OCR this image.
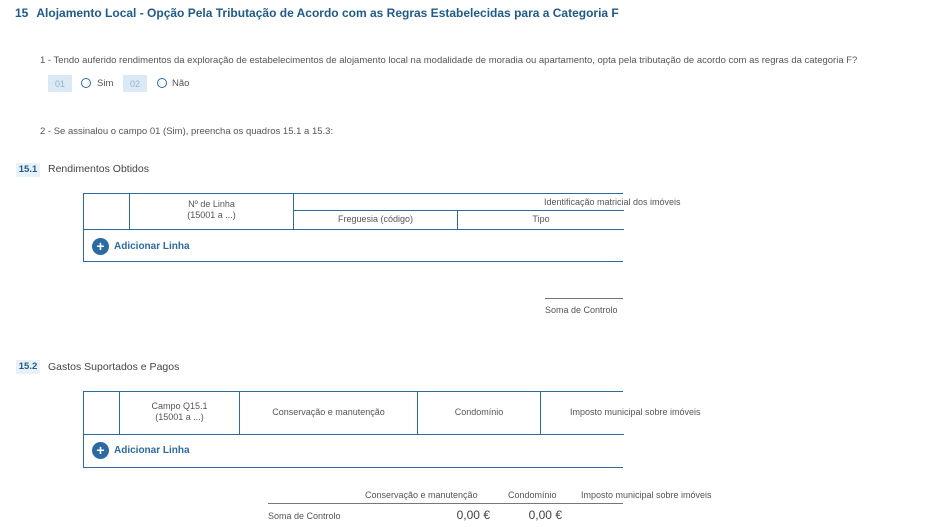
15 Alojamento Local - Opção Pela Tributação de Acordo com as Regras Estabelecidas para a Categoria F
1 - Tendo auferido rendimentos da exploração de estabelecimentos de alojamento local na modalidade de moradia ou apartamento, opta pela tributação de acordo com as regras da categoria F?
01	Sim	02	Não
2 - Se assinalou o campo 01 (Sim), preencha os quadros 15.1 a 15.3:
15.1 Rendimentos Obtidos
Nº de Linha
(15001 a ...)
Identificação matricial dos imóveis
Freguesia (código)	Tipo
+ Adicionar Linha
Soma de Controlo
15.2 Gastos Suportados e Pagos
Campo Q15.1
(15001 a ...)	Conservação e manutenção	Condomínio	Imposto municipal sobre imóveis
+ Adicionar Linha
Conservação e manutenção	Condomínio	Imposto municipal sobre imóveis
Soma de Controlo	0,00 €	0,00 €
